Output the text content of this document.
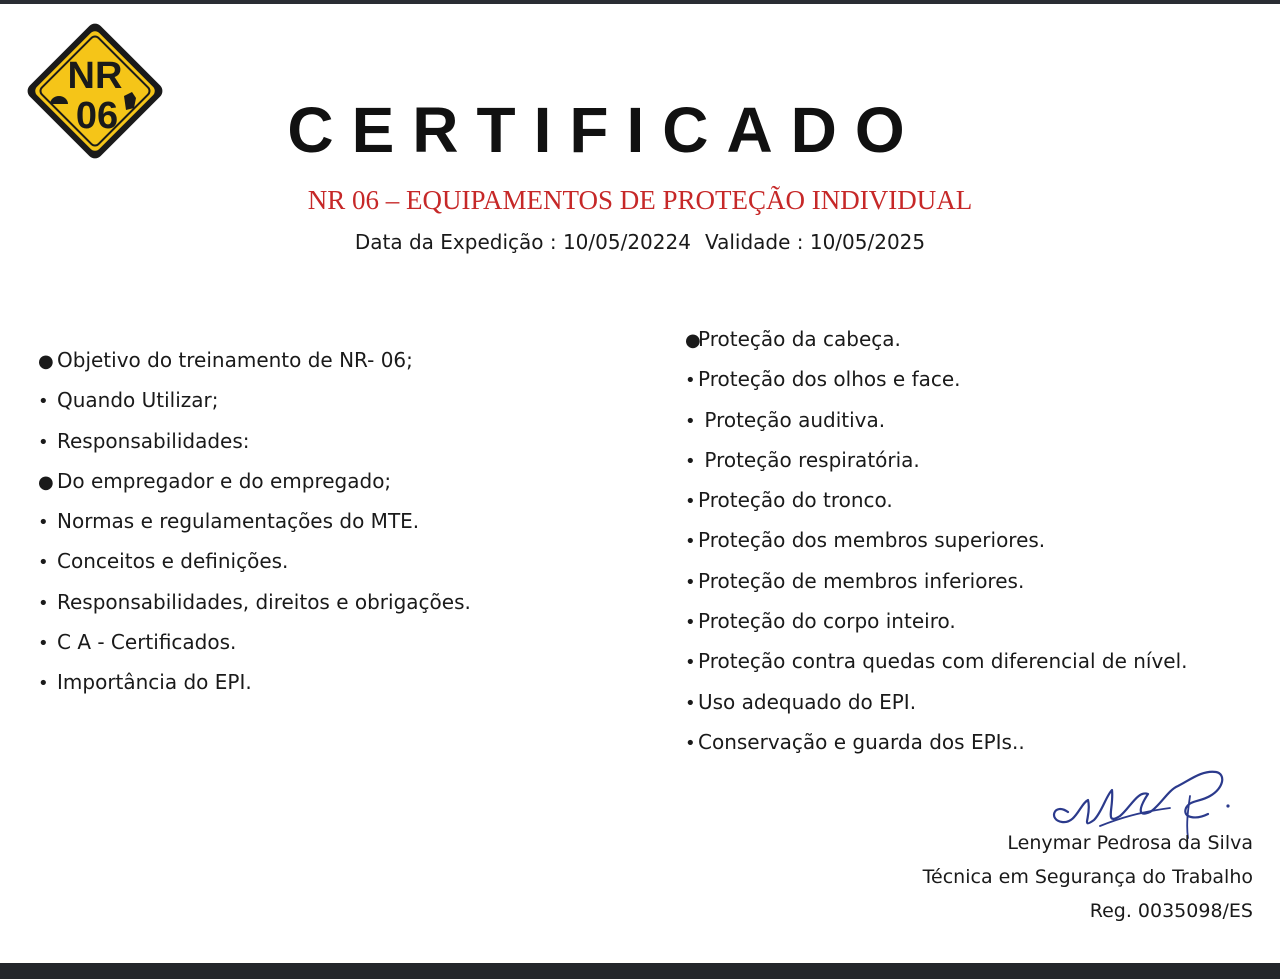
NR
06	CERTIFICADO
NR 06 – EQUIPAMENTOS DE PROTEÇÃO INDIVIDUAL
Data da Expedição : 10/05/20224 Validade : 10/05/2025
● Objetivo do treinamento de NR- 06;
• Quando Utilizar;
• Responsabilidades:
● Do empregador e do empregado;
• Normas e regulamentações do MTE.
• Conceitos e definições.
• Responsabilidades, direitos e obrigações.
• C A - Certificados.
• Importância do EPI.
●Proteção da cabeça.
• Proteção dos olhos e face.
• Proteção auditiva.
• Proteção respiratória.
• Proteção do tronco.
• Proteção dos membros superiores.
• Proteção de membros inferiores.
• Proteção do corpo inteiro.
• Proteção contra quedas com diferencial de nível.
• Uso adequado do EPI.
• Conservação e guarda dos EPIs..
Lenymar Pedrosa da Silva
Técnica em Segurança do Trabalho
Reg. 0035098/ES
